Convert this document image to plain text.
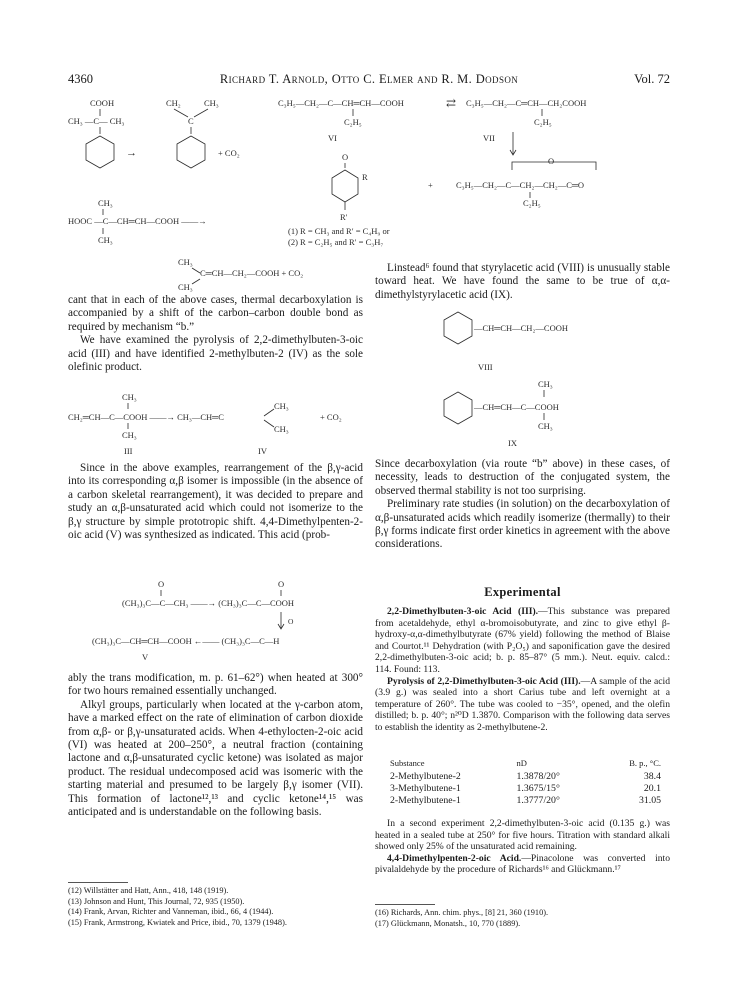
4360	Richard T. Arnold, Otto C. Elmer and R. M. Dodson	Vol. 72
COOH
CH₃ —C— CH₃
→
CH₂	CH₃
C
+ CO₂
CH₃
HOOC —C—CH═CH—COOH ——→
CH₃
C₃H₅—CH₂—C—CH═CH—COOH
C₂H₅
VI
⇄ C₃H₅—CH₂—C═CH—CH₂COOH
C₂H₅
VII
O
R
R′
+
O
C₃H₅—CH₂—C—CH₂—CH₂—C═O
C₂H₅
(1) R = CH₃ and R′ = C₄H₉ or
(2) R = C₂H₅ and R′ = C₃H₇
CH₃
C═CH—CH₂—COOH + CO₂
CH₃

cant that in each of the above cases, thermal decarboxylation is accompanied by a shift of the carbon–carbon double bond as required by mechanism “b.”

We have examined the pyrolysis of 2,2-dimethylbuten-3-oic acid (III) and have identified 2-methylbuten-2 (IV) as the sole olefinic product.

CH₃
CH₂═CH—C—COOH ——→ CH₃—CH═C
CH₃
CH₃
CH₃
+ CO₂
III	IV

Since in the above examples, rearrangement of the β,γ-acid into its corresponding α,β isomer is impossible (in the absence of a carbon skeletal rearrangement), it was decided to prepare and study an α,β-unsaturated acid which could not isomerize to the β,γ structure by simple prototropic shift. 4,4-Dimethylpenten-2-oic acid (V) was synthesized as indicated. This acid (prob-

O	O
(CH₃)₃C—C—CH₃ ——→ (CH₃)₃C—C—COOH
O
(CH₃)₃C—CH═CH—COOH ←—— (CH₃)₃C—C—H
V

ably the trans modification, m. p. 61–62°) when heated at 300° for two hours remained essentially unchanged.

Alkyl groups, particularly when located at the γ-carbon atom, have a marked effect on the rate of elimination of carbon dioxide from α,β- or β,γ-unsaturated acids. When 4-ethylocten-2-oic acid (VI) was heated at 200–250°, a neutral fraction (containing lactone and α,β-unsaturated cyclic ketone) was isolated as major product. The residual undecomposed acid was isomeric with the starting material and presumed to be largely β,γ isomer (VII). This formation of lactone¹²,¹³ and cyclic ketone¹⁴,¹⁵ was anticipated and is understandable on the following basis.

(12) Willstätter and Hatt, Ann., 418, 148 (1919).
(13) Johnson and Hunt, This Journal, 72, 935 (1950).
(14) Frank, Arvan, Richter and Vanneman, ibid., 66, 4 (1944).
(15) Frank, Armstrong, Kwiatek and Price, ibid., 70, 1379 (1948).

Linstead⁶ found that styrylacetic acid (VIII) is unusually stable toward heat. We have found the same to be true of α,α-dimethylstyrylacetic acid (IX).

—CH═CH—CH₂—COOH
VIII
CH₃
—CH═CH—C—COOH
CH₃
IX

Since decarboxylation (via route “b” above) in these cases, of necessity, leads to destruction of the conjugated system, the observed thermal stability is not too surprising.

Preliminary rate studies (in solution) on the decarboxylation of α,β-unsaturated acids which readily isomerize (thermally) to their β,γ forms indicate first order kinetics in agreement with the above considerations.

Experimental

2,2-Dimethylbuten-3-oic Acid (III).—This substance was prepared from acetaldehyde, ethyl α-bromoisobutyrate, and zinc to give ethyl β-hydroxy-α,α-dimethylbutyrate (67% yield) following the method of Blaise and Courtot.¹¹ Dehydration (with P₂O₅) and saponification gave the desired 2,2-dimethylbuten-3-oic acid; b. p. 85–87° (5 mm.). Neut. equiv. calcd.: 114. Found: 113.

Pyrolysis of 2,2-Dimethylbuten-3-oic Acid (III).—A sample of the acid (3.9 g.) was sealed into a short Carius tube and left overnight at a temperature of 260°. The tube was cooled to −35°, opened, and the olefin distilled; b. p. 40°; n²⁰D 1.3870. Comparison with the following data serves to establish the identity as 2-methylbutene-2.

Substance	nD	B. p., °C.
2-Methylbutene-2	1.3878/20°	38.4
3-Methylbutene-1	1.3675/15°	20.1
2-Methylbutene-1	1.3777/20°	31.05

In a second experiment 2,2-dimethylbuten-3-oic acid (0.135 g.) was heated in a sealed tube at 250° for five hours. Titration with standard alkali showed only 25% of the unsaturated acid remaining.

4,4-Dimethylpenten-2-oic Acid.—Pinacolone was converted into pivalaldehyde by the procedure of Richards¹⁶ and Glückmann.¹⁷

(16) Richards, Ann. chim. phys., [8] 21, 360 (1910).
(17) Glückmann, Monatsh., 10, 770 (1889).
